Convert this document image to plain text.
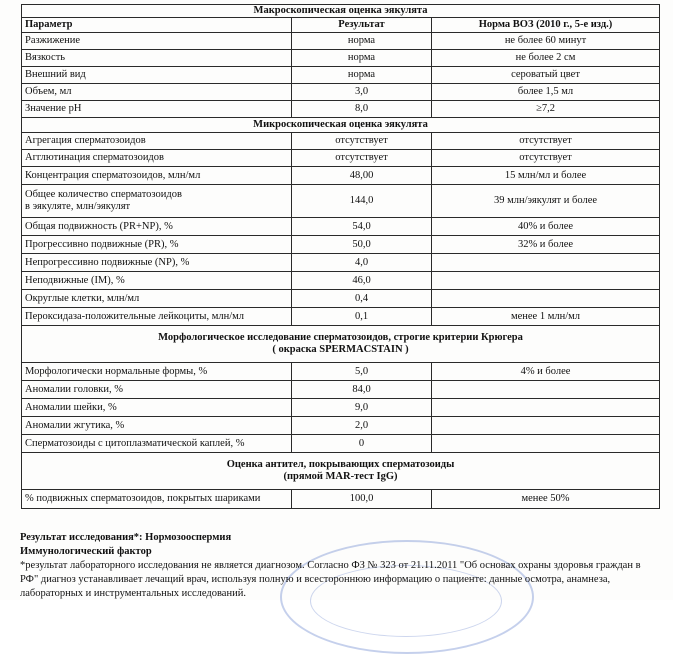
Макроскопическая оценка эякулята		

Параметр	Результат	Норма ВОЗ (2010 г., 5-е изд.)
Разжижение	норма	не более 60 минут
Вязкость	норма	не более 2 см
Внешний вид	норма	сероватый цвет
Объем, мл	3,0	более 1,5 мл
Значение pH	8,0	≥7,2

Микроскопическая оценка эякулята		

Агрегация сперматозоидов	отсутствует	отсутствует
Агглютинация сперматозоидов	отсутствует	отсутствует
Концентрация сперматозоидов, млн/мл	48,00	15 млн/мл и более
Общее количество сперматозоидов
в эякуляте, млн/эякулят	144,0	39 млн/эякулят и более
Общая подвижность (PR+NP), %	54,0	40% и более
Прогрессивно подвижные (PR), %	50,0	32% и более
Непрогрессивно подвижные (NP), %	4,0	
Неподвижные (IM), %	46,0	
Округлые клетки, млн/мл	0,4	
Пероксидаза-положительные лейкоциты, млн/мл	0,1	менее 1 млн/мл

Морфологическое исследование сперматозоидов, строгие критерии Крюгера
( окраска SPERMACSTAIN )		

Морфологически нормальные формы, %	5,0	4% и более
Аномалии головки, %	84,0	
Аномалии шейки, %	9,0	
Аномалии жгутика, %	2,0	
Сперматозоиды с цитоплазматической каплей, %	0	

Оценка антител, покрывающих сперматозоиды
(прямой MAR-тест IgG)		

% подвижных сперматозоидов, покрытых шариками	100,0	менее 50%
Результат исследования*: Нормозооспермия
Иммунологический фактор
*результат лабораторного исследования не является диагнозом. Согласно ФЗ № 323 от 21.11.2011 "Об основах охраны здоровья граждан в РФ" диагноз устанавливает лечащий врач, используя полную и всестороннюю информацию о пациенте: данные осмотра, анамнеза, лабораторных и инструментальных исследований.
